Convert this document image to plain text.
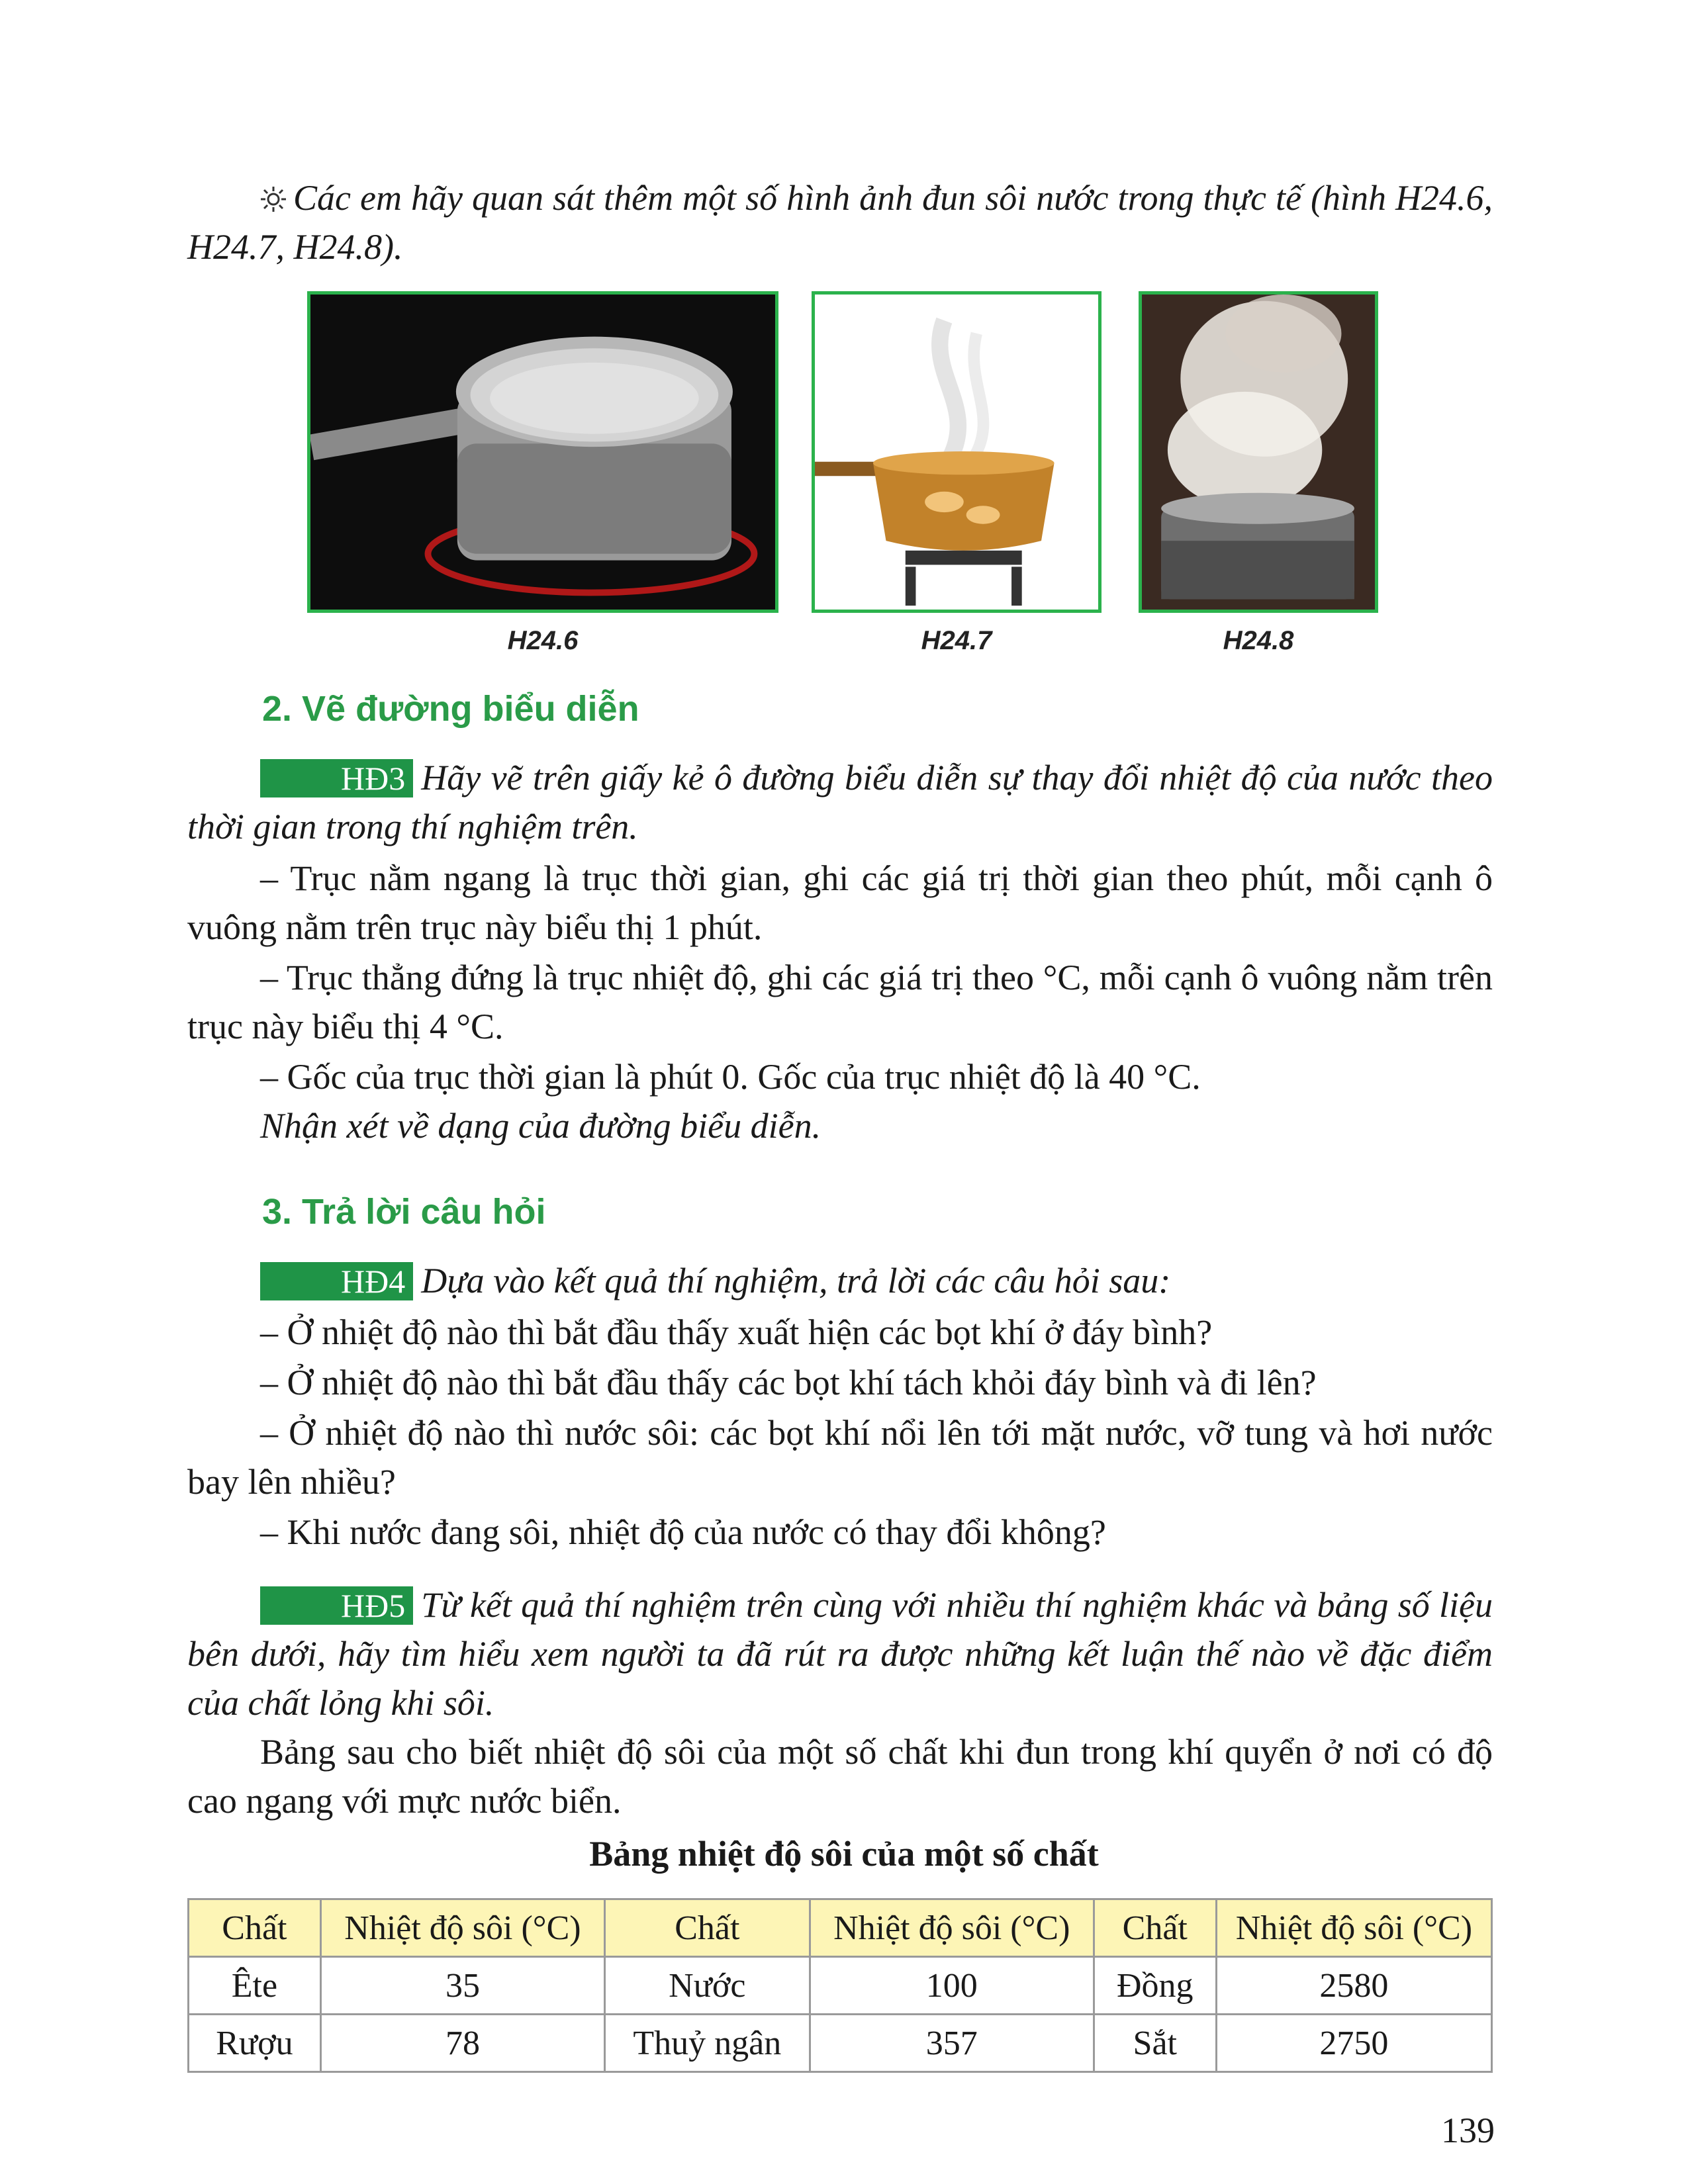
Các em hãy quan sát thêm một số hình ảnh đun sôi nước trong thực tế (hình H24.6, H24.7, H24.8).
H24.6	H24.7	H24.8
2. Vẽ đường biểu diễn
HĐ3 Hãy vẽ trên giấy kẻ ô đường biểu diễn sự thay đổi nhiệt độ của nước theo thời gian trong thí nghiệm trên.
– Trục nằm ngang là trục thời gian, ghi các giá trị thời gian theo phút, mỗi cạnh ô vuông nằm trên trục này biểu thị 1 phút.
– Trục thẳng đứng là trục nhiệt độ, ghi các giá trị theo °C, mỗi cạnh ô vuông nằm trên trục này biểu thị 4 °C.
– Gốc của trục thời gian là phút 0. Gốc của trục nhiệt độ là 40 °C.
Nhận xét về dạng của đường biểu diễn.
3. Trả lời câu hỏi
HĐ4 Dựa vào kết quả thí nghiệm, trả lời các câu hỏi sau:
– Ở nhiệt độ nào thì bắt đầu thấy xuất hiện các bọt khí ở đáy bình?
– Ở nhiệt độ nào thì bắt đầu thấy các bọt khí tách khỏi đáy bình và đi lên?
– Ở nhiệt độ nào thì nước sôi: các bọt khí nổi lên tới mặt nước, vỡ tung và hơi nước bay lên nhiều?
– Khi nước đang sôi, nhiệt độ của nước có thay đổi không?
HĐ5 Từ kết quả thí nghiệm trên cùng với nhiều thí nghiệm khác và bảng số liệu bên dưới, hãy tìm hiểu xem người ta đã rút ra được những kết luận thế nào về đặc điểm của chất lỏng khi sôi.
Bảng sau cho biết nhiệt độ sôi của một số chất khi đun trong khí quyển ở nơi có độ cao ngang với mực nước biển.
Bảng nhiệt độ sôi của một số chất
Chất	Nhiệt độ sôi (°C)	Chất	Nhiệt độ sôi (°C)	Chất	Nhiệt độ sôi (°C)
Ête	35	Nước	100	Đồng	2580
Rượu	78	Thuỷ ngân	357	Sắt	2750
139
